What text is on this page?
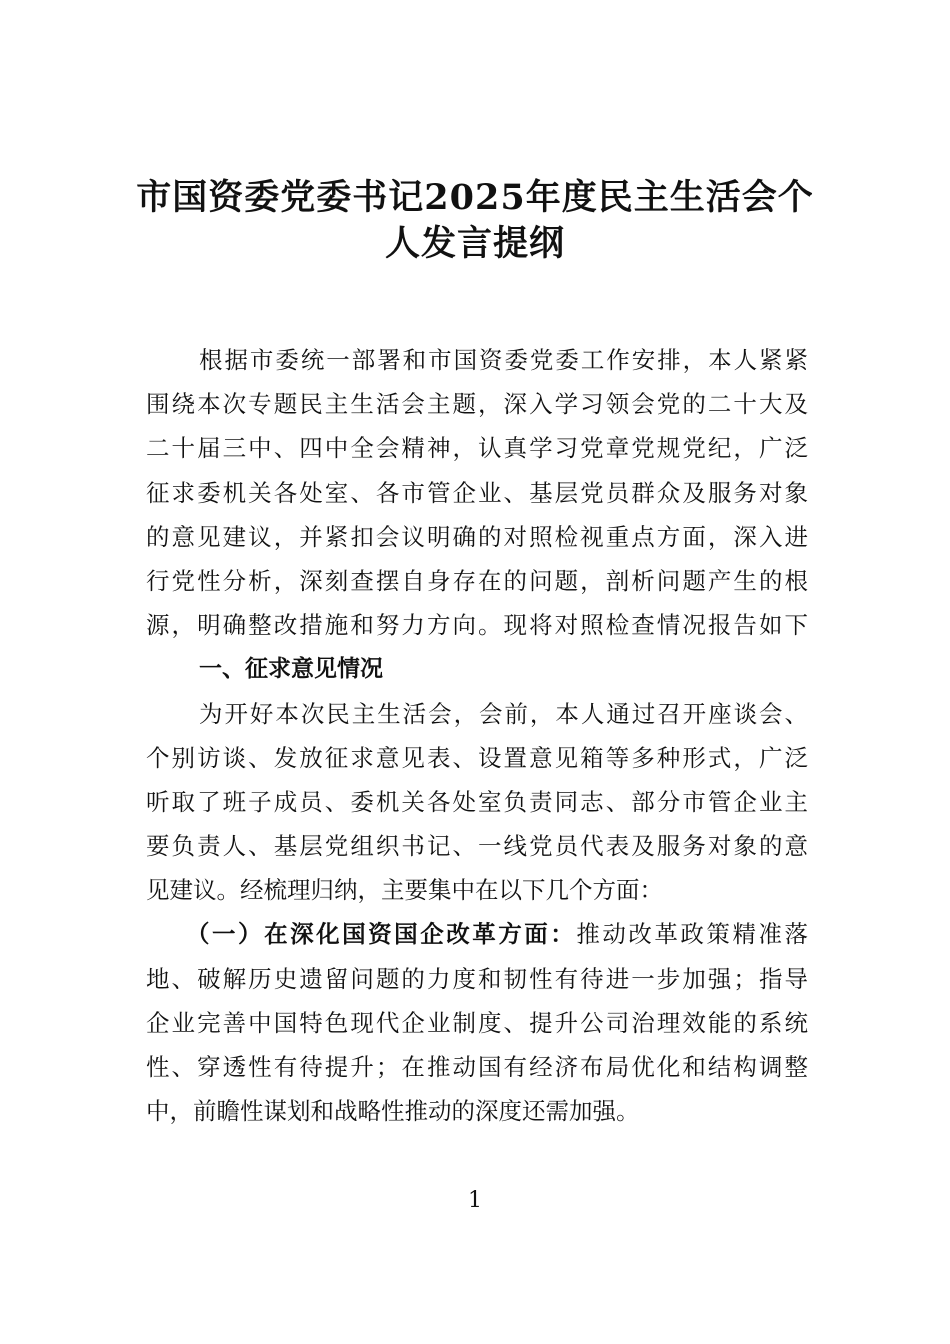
市国资委党委书记2025年度民主生活会个
人发言提纲
根据市委统一部署和市国资委党委工作安排，本人紧紧
围绕本次专题民主生活会主题，深入学习领会党的二十大及
二十届三中、四中全会精神，认真学习党章党规党纪，广泛
征求委机关各处室、各市管企业、基层党员群众及服务对象
的意见建议，并紧扣会议明确的对照检视重点方面，深入进
行党性分析，深刻查摆自身存在的问题，剖析问题产生的根
源，明确整改措施和努力方向。现将对照检查情况报告如下
一、征求意见情况
为开好本次民主生活会，会前，本人通过召开座谈会、
个别访谈、发放征求意见表、设置意见箱等多种形式，广泛
听取了班子成员、委机关各处室负责同志、部分市管企业主
要负责人、基层党组织书记、一线党员代表及服务对象的意
见建议。经梳理归纳，主要集中在以下几个方面：
（一）在深化国资国企改革方面：推动改革政策精准落
地、破解历史遗留问题的力度和韧性有待进一步加强；指导
企业完善中国特色现代企业制度、提升公司治理效能的系统
性、穿透性有待提升；在推动国有经济布局优化和结构调整
中，前瞻性谋划和战略性推动的深度还需加强。
1
